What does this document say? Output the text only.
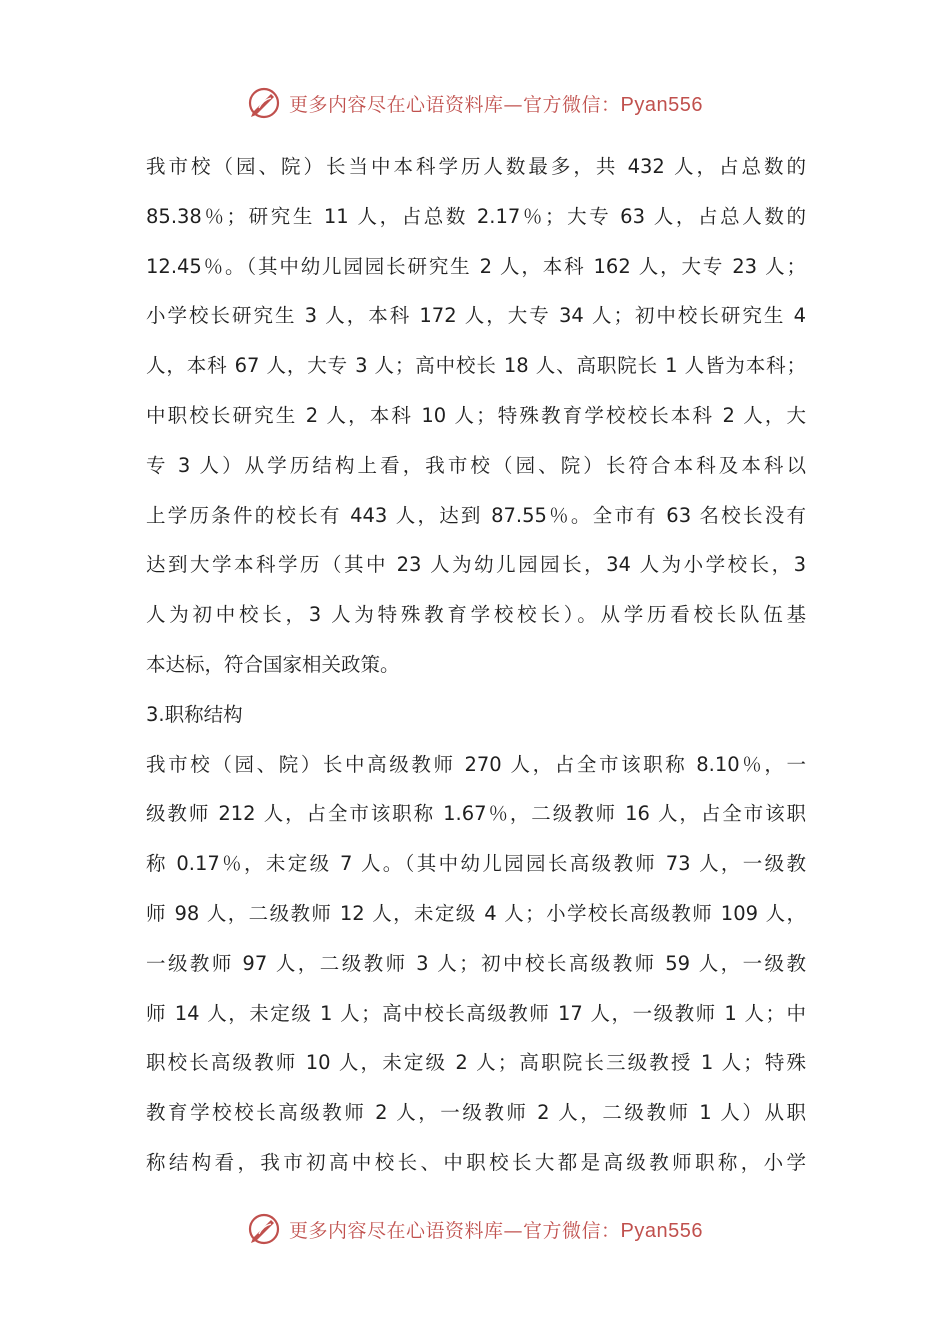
更多内容尽在心语资料库—官方微信：Pyan556
我市校（园、院）长当中本科学历人数最多，共 432 人，占总数的
85.38％；研究生 11 人，占总数 2.17％；大专 63 人，占总人数的
12.45％。（其中幼儿园园长研究生 2 人，本科 162 人，大专 23 人；
小学校长研究生 3 人，本科 172 人，大专 34 人；初中校长研究生 4
人，本科 67 人，大专 3 人；高中校长 18 人、高职院长 1 人皆为本科；
中职校长研究生 2 人，本科 10 人；特殊教育学校校长本科 2 人，大
专 3 人）从学历结构上看，我市校（园、院）长符合本科及本科以
上学历条件的校长有 443 人，达到 87.55％。全市有 63 名校长没有
达到大学本科学历（其中 23 人为幼儿园园长，34 人为小学校长，3
人为初中校长，3 人为特殊教育学校校长）。从学历看校长队伍基
本达标，符合国家相关政策。
3.职称结构
我市校（园、院）长中高级教师 270 人，占全市该职称 8.10％，一
级教师 212 人，占全市该职称 1.67％，二级教师 16 人，占全市该职
称 0.17％，未定级 7 人。（其中幼儿园园长高级教师 73 人，一级教
师 98 人，二级教师 12 人，未定级 4 人；小学校长高级教师 109 人，
一级教师 97 人，二级教师 3 人；初中校长高级教师 59 人，一级教
师 14 人，未定级 1 人；高中校长高级教师 17 人，一级教师 1 人；中
职校长高级教师 10 人，未定级 2 人；高职院长三级教授 1 人；特殊
教育学校校长高级教师 2 人，一级教师 2 人，二级教师 1 人）从职
称结构看，我市初高中校长、中职校长大都是高级教师职称，小学
更多内容尽在心语资料库—官方微信：Pyan556
